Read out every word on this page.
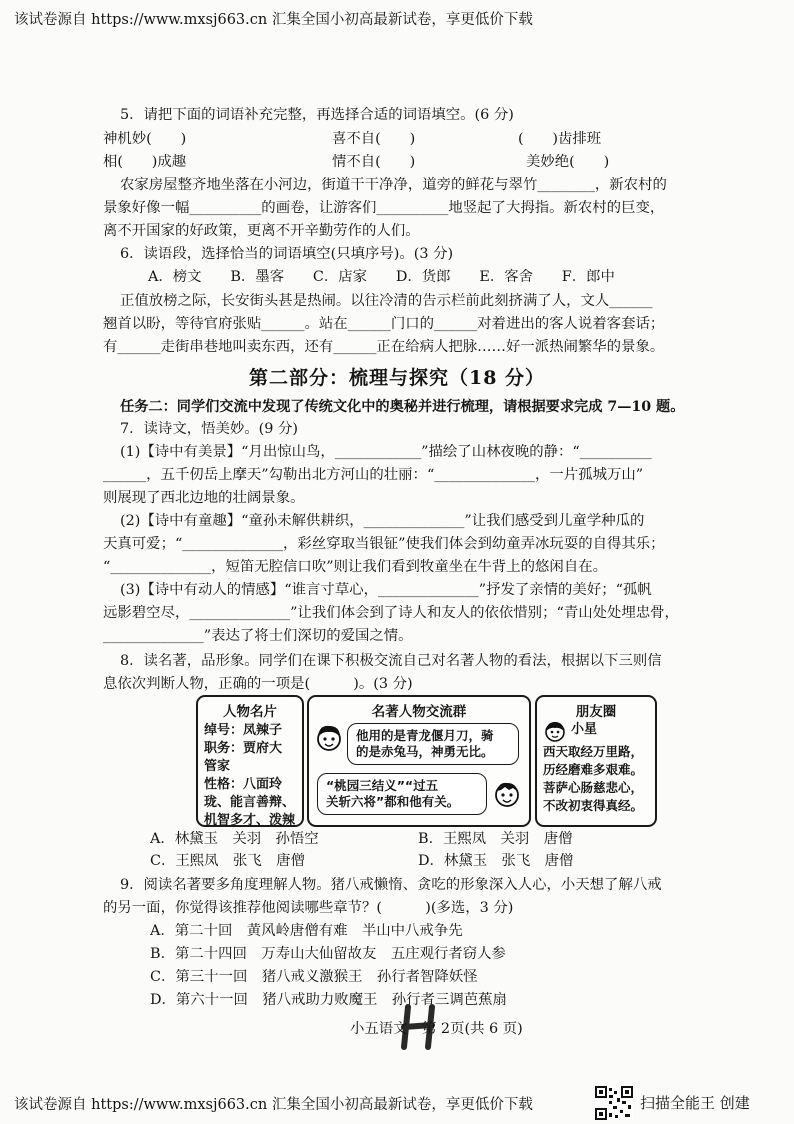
该试卷源自 https://www.mxsj663.cn 汇集全国小初高最新试卷，享更低价下载
5．请把下面的词语补充完整，再选择合适的词语填空。(6 分)
神机妙(　　)	喜不自(　　)	(　　)齿排班
相(　　)成趣	情不自(　　)	美妙绝(　　)
农家房屋整齐地坐落在小河边，街道干干净净，道旁的鲜花与翠竹________，新农村的
景象好像一幅__________的画卷，让游客们__________地竖起了大拇指。新农村的巨变，
离不开国家的好政策，更离不开辛勤劳作的人们。
6．读语段，选择恰当的词语填空(只填序号)。(3 分)
A．榜文　　B．墨客　　C．店家　　D．货郎　　E．客舍　　F．郎中
正值放榜之际，长安街头甚是热闹。以往冷清的告示栏前此刻挤满了人，文人______
翘首以盼，等待官府张贴______。站在______门口的______对着进出的客人说着客套话；
有______走街串巷地叫卖东西，还有______正在给病人把脉……好一派热闹繁华的景象。
第二部分：梳理与探究（18 分）
任务二：同学们交流中发现了传统文化中的奥秘并进行梳理，请根据要求完成 7—10 题。
7．读诗文，悟美妙。(9 分)
(1)【诗中有美景】“月出惊山鸟，____________”描绘了山林夜晚的静：“__________
______，五千仞岳上摩天”勾勒出北方河山的壮丽：“______________，一片孤城万山”
则展现了西北边地的壮阔景象。
(2)【诗中有童趣】“童孙未解供耕织，______________”让我们感受到儿童学种瓜的
天真可爱；“______________，彩丝穿取当银钲”使我们体会到幼童弄冰玩耍的自得其乐；
“______________，短笛无腔信口吹”则让我们看到牧童坐在牛背上的悠闲自在。
(3)【诗中有动人的情感】“谁言寸草心，______________”抒发了亲情的美好；“孤帆
远影碧空尽，______________”让我们体会到了诗人和友人的依依惜别；“青山处处埋忠骨，
______________”表达了将士们深切的爱国之情。
8．读名著，品形象。同学们在课下积极交流自己对名著人物的看法，根据以下三则信
息依次判断人物，正确的一项是(　　　)。(3 分)
人物名片
绰号：凤辣子
职务：贾府大
管家
性格：八面玲
珑、能言善辩、
机智多才、泼辣
名著人物交流群
他用的是青龙偃月刀，骑
的是赤兔马，神勇无比。
“桃园三结义”“过五
关斩六将”都和他有关。
朋友圈
小星
西天取经万里路，
历经磨难多艰难。
菩萨心肠慈悲心，
不改初衷得真经。
A．林黛玉　关羽　孙悟空	B．王熙凤　关羽　唐僧
C．王熙凤　张飞　唐僧	D．林黛玉　张飞　唐僧
9．阅读名著要多角度理解人物。猪八戒懒惰、贪吃的形象深入人心，小天想了解八戒
的另一面，你觉得该推荐他阅读哪些章节？(　　　)(多选，3 分)
A．第二十回　黄风岭唐僧有难　半山中八戒争先
B．第二十四回　万寿山大仙留故友　五庄观行者窃人参
C．第三十一回　猪八戒义激猴王　孙行者智降妖怪
D．第六十一回　猪八戒助力败魔王　孙行者三调芭蕉扇
小五语文　第 2页(共 6 页)
该试卷源自 https://www.mxsj663.cn 汇集全国小初高最新试卷，享更低价下载	扫描全能王 创建
